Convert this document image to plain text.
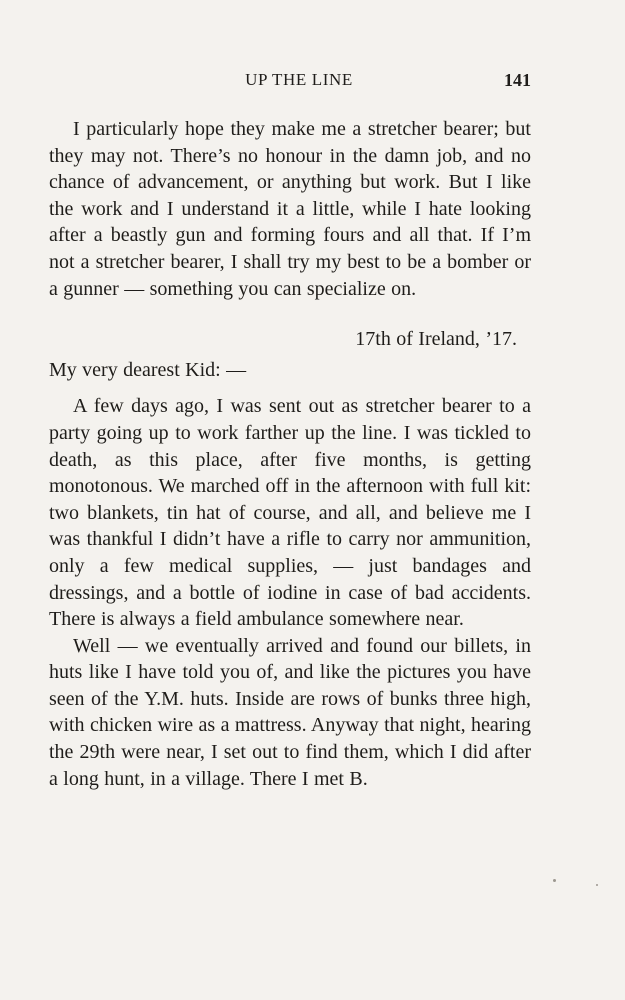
UP THE LINE	141

I particularly hope they make me a stretcher bearer; but they may not. There’s no honour in the damn job, and no chance of advancement, or anything but work. But I like the work and I understand it a little, while I hate looking after a beastly gun and forming fours and all that. If I’m not a stretcher bearer, I shall try my best to be a bomber or a gunner — something you can specialize on.

17th of Ireland, ’17.

My very dearest Kid: —

A few days ago, I was sent out as stretcher bearer to a party going up to work farther up the line. I was tickled to death, as this place, after five months, is getting monotonous. We marched off in the afternoon with full kit: two blankets, tin hat of course, and all, and believe me I was thankful I didn’t have a rifle to carry nor ammunition, only a few medical supplies, — just bandages and dressings, and a bottle of iodine in case of bad accidents. There is always a field ambulance somewhere near.

Well — we eventually arrived and found our billets, in huts like I have told you of, and like the pictures you have seen of the Y.M. huts. Inside are rows of bunks three high, with chicken wire as a mattress. Anyway that night, hearing the 29th were near, I set out to find them, which I did after a long hunt, in a village. There I met B.
